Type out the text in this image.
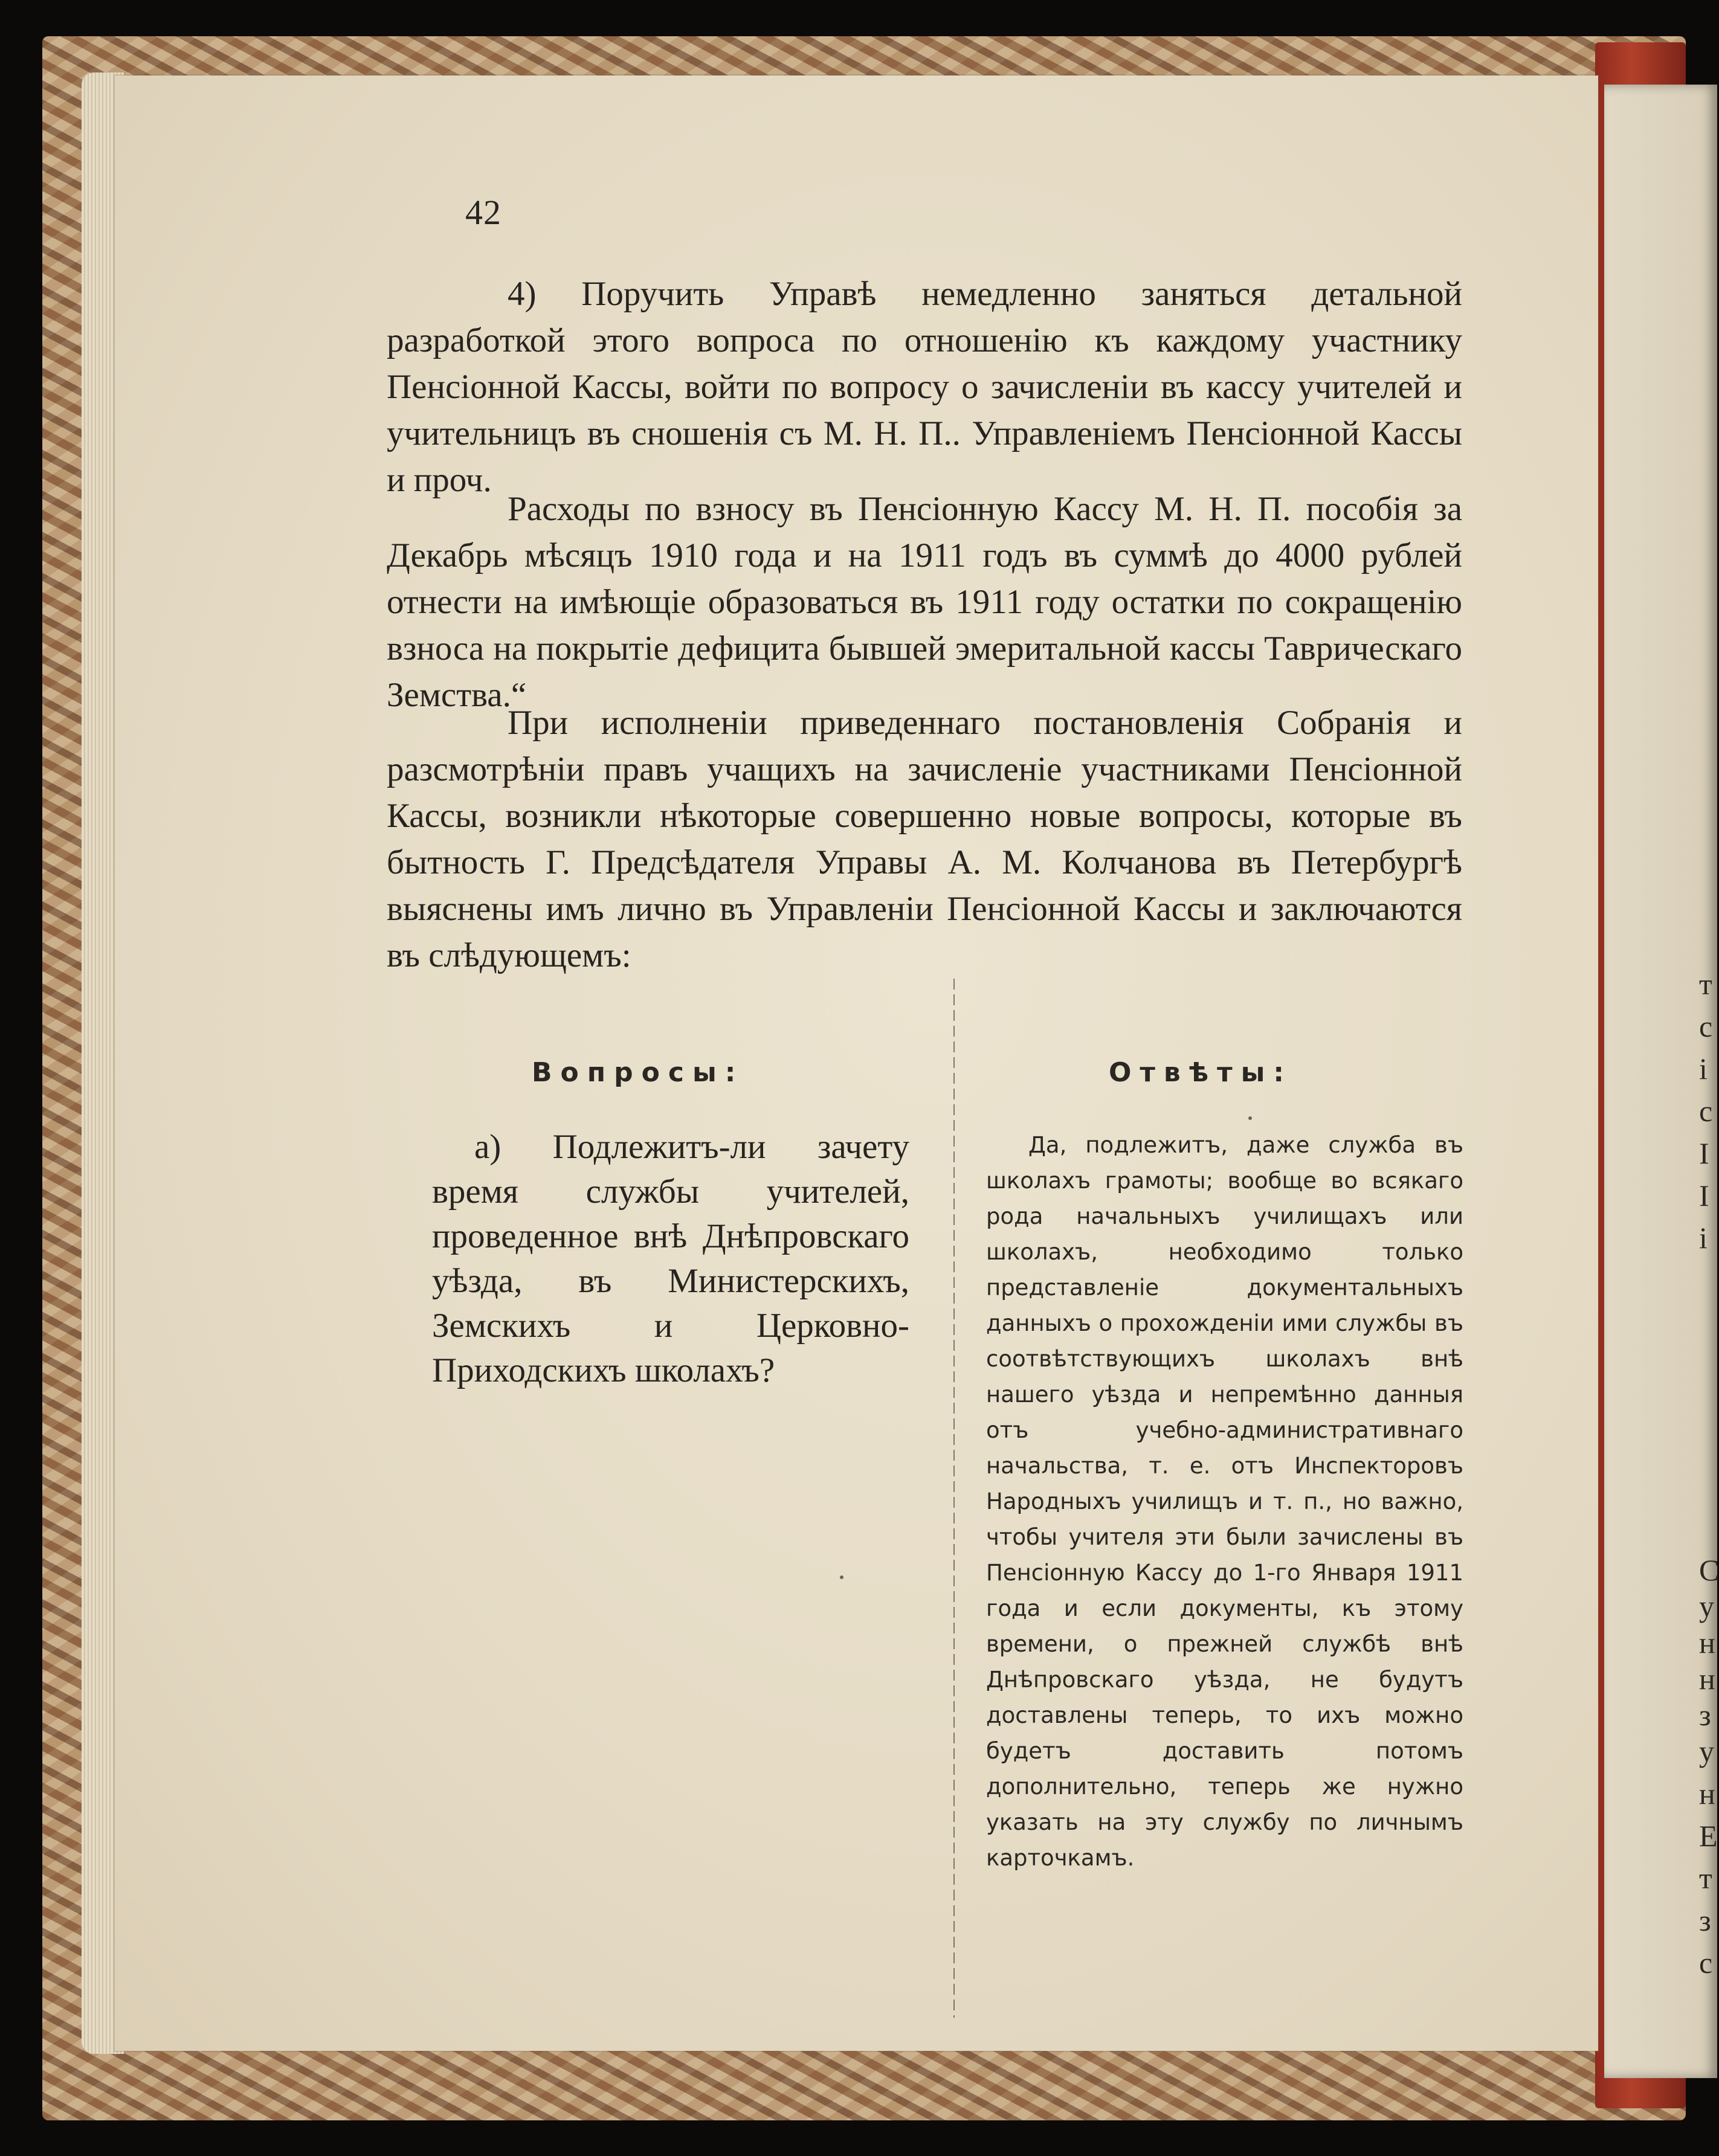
42

4) Поручить Управѣ немедленно заняться детальной разработкой этого вопроса по отношенію къ каждому участнику Пенсіонной Кассы, войти по вопросу о зачисленіи въ кассу учителей и учительницъ въ сношенія съ М. Н. П.. Управленіемъ Пенсіонной Кассы и проч.

Расходы по взносу въ Пенсіонную Кассу М. Н. П. пособія за Декабрь мѣсяцъ 1910 года и на 1911 годъ въ суммѣ до 4000 рублей отнести на имѣющіе образоваться въ 1911 году остатки по сокращенію взноса на покрытіе дефицита бывшей эмеритальной кассы Таврическаго Земства.“

При исполненіи приведеннаго постановленія Собранія и разсмотрѣніи правъ учащихъ на зачисленіе участниками Пенсіонной Кассы, возникли нѣкоторые совершенно новые вопросы, которые въ бытность Г. Предсѣдателя Управы А. М. Колчанова въ Петербургѣ выяснены имъ лично въ Управленіи Пенсіонной Кассы и заключаются въ слѣдующемъ:

Вопросы:	Отвѣты:

а) Подлежитъ-ли зачету время службы учителей, проведенное внѣ Днѣпровскаго уѣзда, въ Министерскихъ, Земскихъ и Церковно-Приходскихъ школахъ?

Да, подлежитъ, даже служба въ школахъ грамоты; вообще во всякаго рода начальныхъ училищахъ или школахъ, необходимо только представленіе документальныхъ данныхъ о прохожденіи ими службы въ соотвѣтствующихъ школахъ внѣ нашего уѣзда и непремѣнно данныя отъ учебно-административнаго начальства, т. е. отъ Инспекторовъ Народныхъ училищъ и т. п., но важно, чтобы учителя эти были зачислены въ Пенсіонную Кассу до 1-го Января 1911 года и если документы, къ этому времени, о прежней службѣ внѣ Днѣпровскаго уѣзда, не будутъ доставлены теперь, то ихъ можно будетъ доставить потомъ дополнительно, теперь же нужно указать на эту службу по личнымъ карточкамъ.

т
с
і
с
І
І
і
С
у
н
н
з
у
н
Е
т
з
с
